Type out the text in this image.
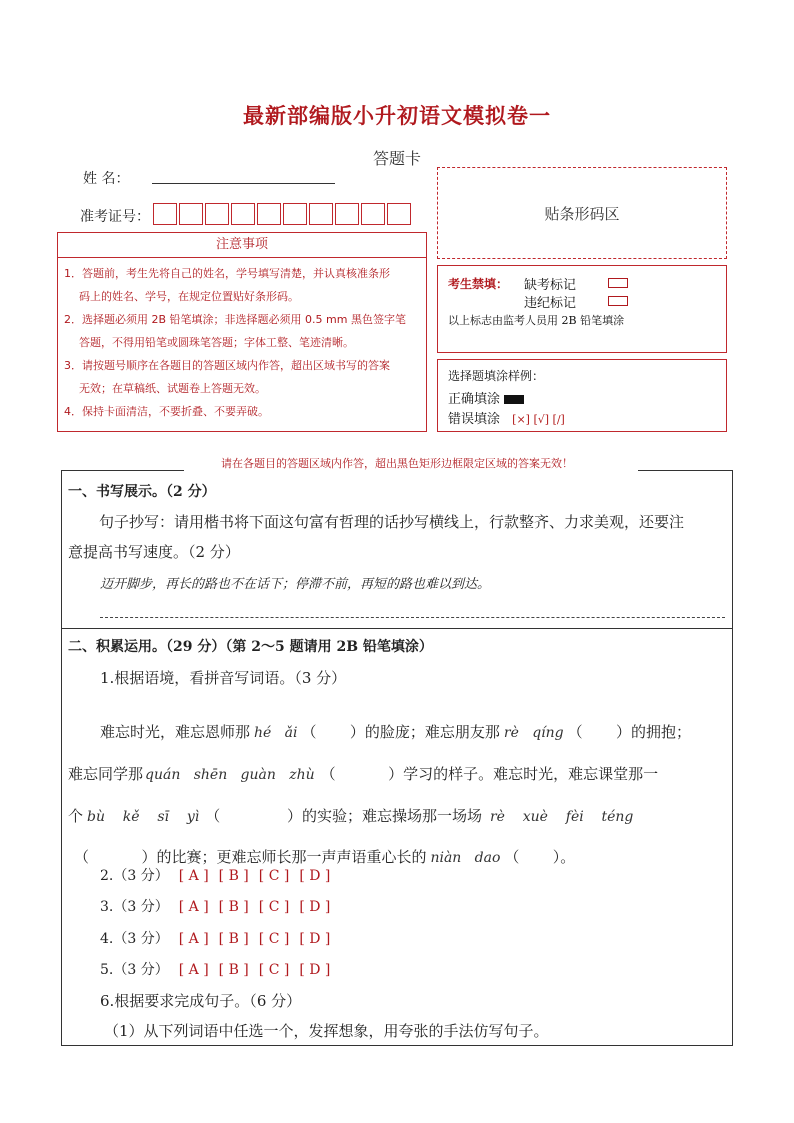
最新部编版小升初语文模拟卷一
答题卡
姓 名：
准考证号：	贴条形码区
注意事项
1．答题前，考生先将自己的姓名，学号填写清楚，并认真核准条形
码上的姓名、学号，在规定位置贴好条形码。
2．选择题必须用 2B 铅笔填涂；非选择题必须用 0.5 mm 黑色签字笔
答题，不得用铅笔或圆珠笔答题；字体工整、笔迹清晰。
3．请按题号顺序在各题目的答题区域内作答，超出区域书写的答案
无效；在草稿纸、试题卷上答题无效。
4．保持卡面清洁，不要折叠、不要弄破。
考生禁填： 缺考标记
违纪标记
以上标志由监考人员用 2B 铅笔填涂
选择题填涂样例：
正确填涂
错误填涂 [×] [√] [/]
请在各题目的答题区域内作答，超出黑色矩形边框限定区域的答案无效！
一、书写展示。（2 分）
句子抄写：请用楷书将下面这句富有哲理的话抄写横线上，行款整齐、力求美观，还要注
意提高书写速度。（2 分）
迈开脚步，再长的路也不在话下；停滞不前，再短的路也难以到达。
二、积累运用。（29 分）（第 2～5 题请用 2B 铅笔填涂）
1.根据语境，看拼音写词语。（3 分）

难忘时光，难忘恩师那 hé   ǎi （       ）的脸庞；难忘朋友那 rè   qíng （       ）的拥抱；

难忘同学那 quán   shēn   guàn   zhù （           ）学习的样子。难忘时光，难忘课堂那一

个 bù    kě    sī    yì （              ）的实验；难忘操场那一场场 rè    xuè    fèi    téng

（           ）的比赛；更难忘师长那一声声语重心长的 niàn   dao （       ）。

2.（3 分） [ A ] [ B ] [ C ] [ D ]
3.（3 分） [ A ] [ B ] [ C ] [ D ]
4.（3 分） [ A ] [ B ] [ C ] [ D ]
5.（3 分） [ A ] [ B ] [ C ] [ D ]
6.根据要求完成句子。（6 分）
（1）从下列词语中任选一个，发挥想象，用夸张的手法仿写句子。
